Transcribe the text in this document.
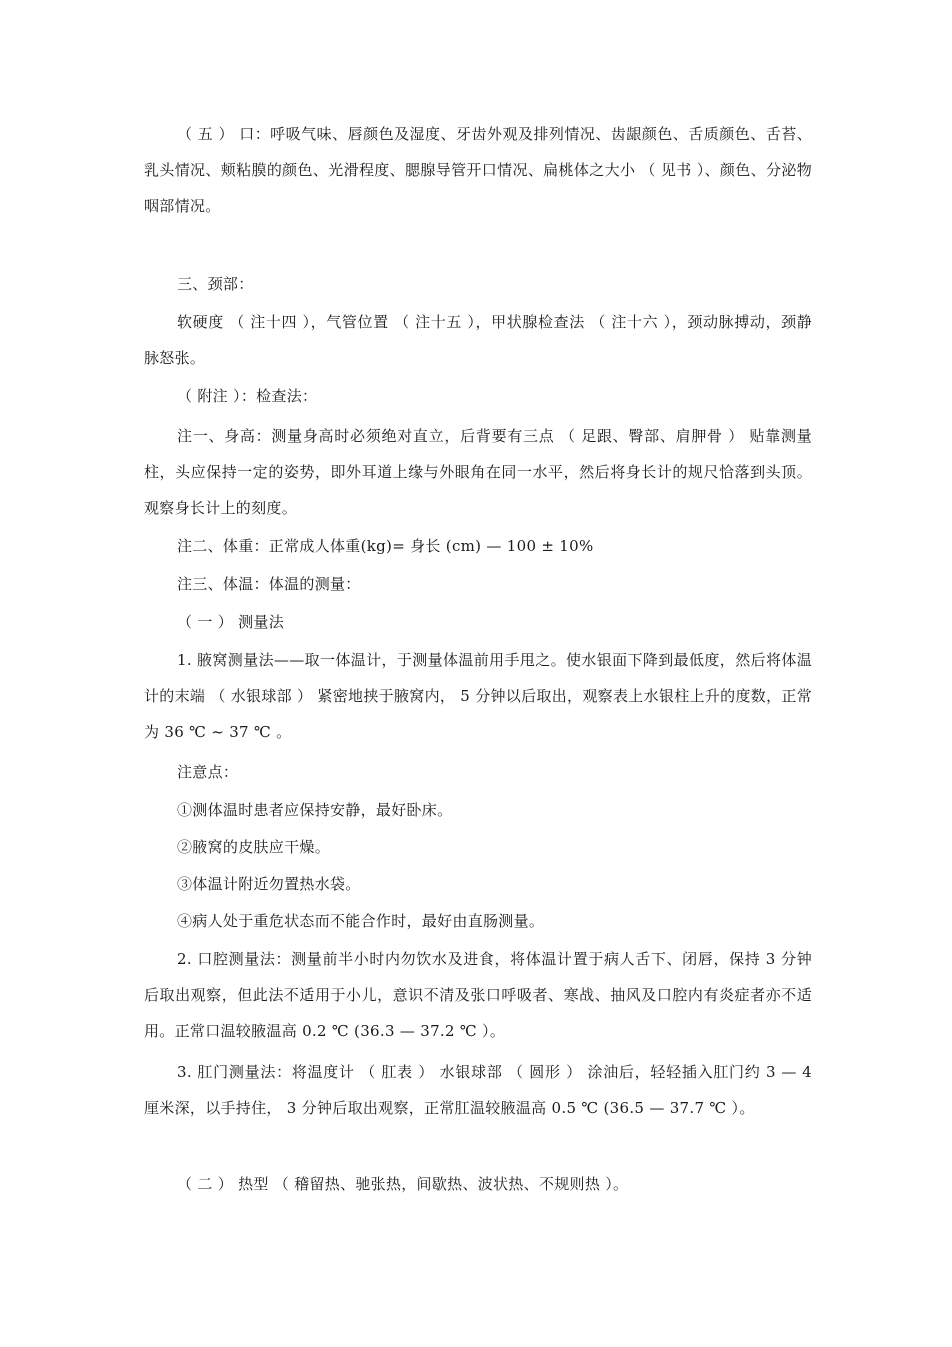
（ 五 ） 口：呼吸气味、唇颜色及湿度、牙齿外观及排列情况、齿龈颜色、舌质颜色、舌苔、乳头情况、颊粘膜的颜色、光滑程度、腮腺导管开口情况、扁桃体之大小 （ 见书 ）、颜色、分泌物咽部情况。

三、颈部：

软硬度 （ 注十四 ），气管位置 （ 注十五 ），甲状腺检查法 （ 注十六 ），颈动脉搏动，颈静脉怒张。

（ 附注 ）：检查法：

注一、身高：测量身高时必须绝对直立，后背要有三点 （ 足跟、臀部、肩胛骨 ） 贴靠测量柱，头应保持一定的姿势，即外耳道上缘与外眼角在同一水平，然后将身长计的规尺恰落到头顶。观察身长计上的刻度。

注二、体重：正常成人体重(kg)= 身长 (cm) — 100 ± 10%

注三、体温：体温的测量：

（ 一 ） 测量法

1. 腋窝测量法——取一体温计，于测量体温前用手甩之。使水银面下降到最低度，然后将体温计的末端 （ 水银球部 ） 紧密地挟于腋窝内， 5 分钟以后取出，观察表上水银柱上升的度数，正常为 36 ℃ ~ 37 ℃ 。

注意点：

①测体温时患者应保持安静，最好卧床。

②腋窝的皮肤应干燥。

③体温计附近勿置热水袋。

④病人处于重危状态而不能合作时，最好由直肠测量。

2. 口腔测量法：测量前半小时内勿饮水及进食，将体温计置于病人舌下、闭唇，保持 3 分钟后取出观察，但此法不适用于小儿，意识不清及张口呼吸者、寒战、抽风及口腔内有炎症者亦不适用。正常口温较腋温高 0.2 ℃ (36.3 — 37.2 ℃ ）。

3. 肛门测量法：将温度计 （ 肛表 ） 水银球部 （ 圆形 ） 涂油后，轻轻插入肛门约 3 — 4 厘米深，以手持住， 3 分钟后取出观察，正常肛温较腋温高 0.5 ℃ (36.5 — 37.7 ℃ ）。

（ 二 ） 热型 （ 稽留热、驰张热，间歇热、波状热、不规则热 ）。
